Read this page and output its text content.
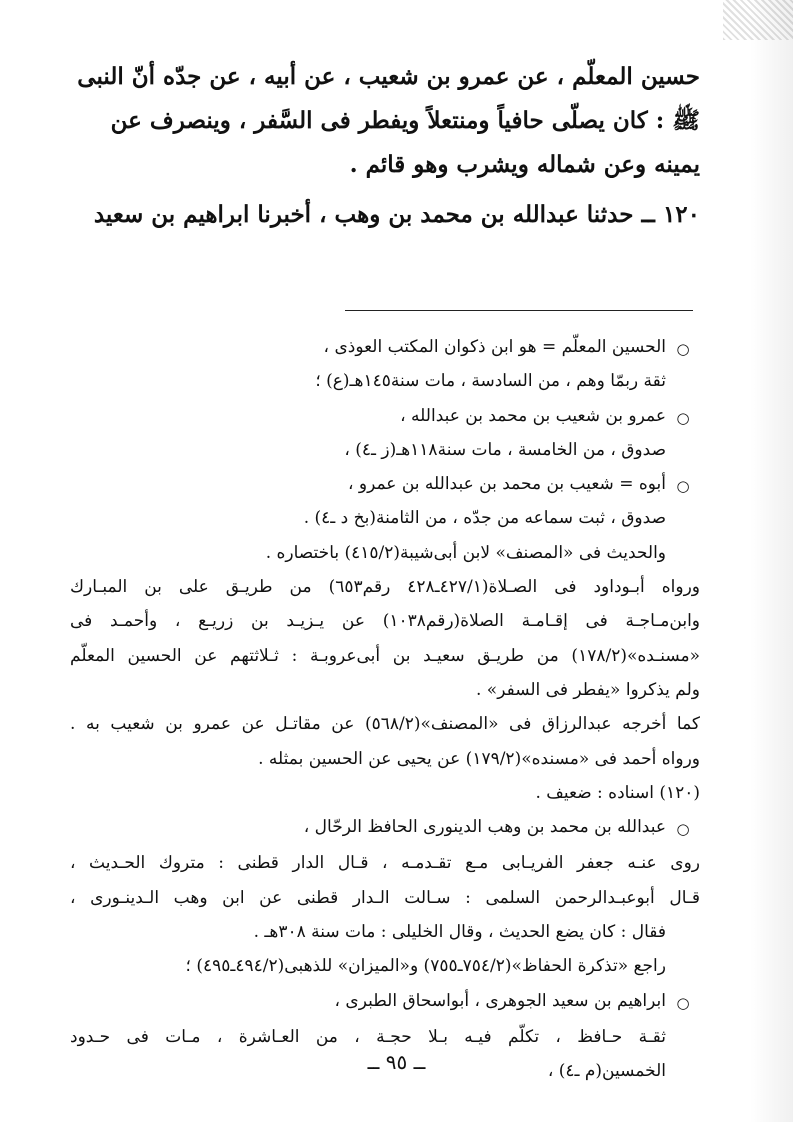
حسين المعلّم ، عن عمرو بن شعيب ، عن أبيه ، عن جدّه أنّ النبى
ﷺ : كان يصلّى حافياً ومنتعلاً ويفطر فى السَّفر ، وينصرف عن
يمينه وعن شماله ويشرب وهو قائم .

١٢٠ ــ حدثنا عبدالله بن محمد بن وهب ، أخبرنا ابراهيم بن سعيد

○
الحسين المعلّم = هو ابن ذكوان المكتب العوذى ،
ثقة ربمّا وهم ، من السادسة ، مات سنة١٤٥هـ(ع) ؛
○
عمرو بن شعيب بن محمد بن عبدالله ،
صدوق ، من الخامسة ، مات سنة١١٨هـ(ز ـ٤) ،
○
أبوه = شعيب بن محمد بن عبدالله بن عمرو ،
صدوق ، ثبت سماعه من جدّه ، من الثامنة(بخ د ـ٤) .
والحديث فى «المصنف» لابن أبى‌شيبة(٤١٥/٢) باختصاره .
ورواه أبـوداود فى الصـلاة(٤٢٧/١ـ٤٢٨ رقم٦٥٣) من طريـق على بن المبـارك
وابن‌مـاجـة فى إقـامـة الصلاة(رقم١٠٣٨) عن يـزيـد بن زريـع ، وأحمـد فى
«مسنـده»(١٧٨/٢) من طريـق سعيـد بن أبى‌عروبـة : ثـلاثتهم عن الحسين المعلّم
ولم يذكروا «يفطر فى السفر» .
كما أخرجه عبدالرزاق فى «المصنف»(٥٦٨/٢) عن مقاتـل عن عمرو بن شعيب به .
ورواه أحمد فى «مسنده»(١٧٩/٢) عن يحيى عن الحسين بمثله .
(١٢٠) اسناده : ضعيف .
○
عبدالله بن محمد بن وهب الدينورى الحافظ الرحّال ،
روى عنـه جعفر الفريـابى مـع تقـدمـه ، قـال الدار قطنى : متروك الحـديث ،
قـال أبوعبـدالرحمن السلمى : سـالت الـدار قطنى عن ابن وهب الـدينـورى ،
فقال : كان يضع الحديث ، وقال الخليلى : مات سنة ٣٠٨هـ .
راجع «تذكرة الحفاظ»(٧٥٤/٢ـ٧٥٥) و«الميزان» للذهبى(٤٩٤/٢ـ٤٩٥) ؛
○
ابراهيم بن سعيد الجوهرى ، أبواسحاق الطبرى ،
ثقـة حـافظ ، تكلّم فيـه بـلا حجـة ، من العـاشرة ، مـات فى حـدود
الخمسين(م ـ٤) ،
ــ ٩٥ ــ
